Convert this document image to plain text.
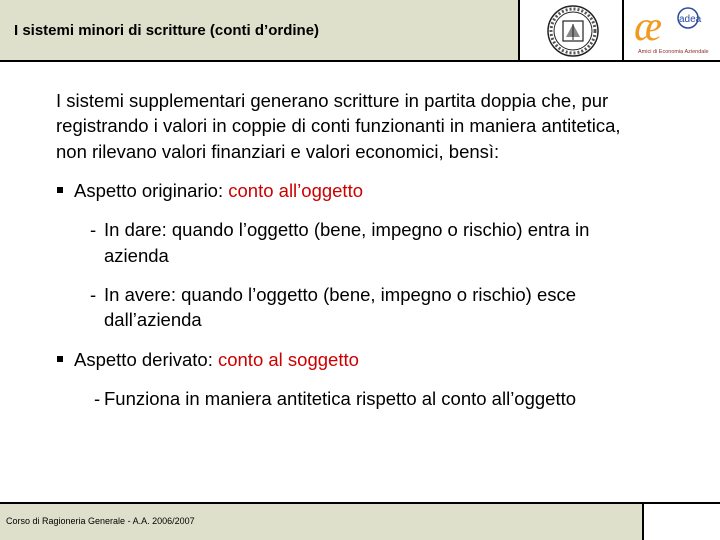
I sistemi minori di scritture (conti d’ordine)	æ adea
Amici di Economia Aziendale

I sistemi supplementari generano scritture in partita doppia che, pur registrando i valori in coppie di conti funzionanti in maniera antitetica, non rilevano valori finanziari e valori economici, bensì:

Aspetto originario: conto all’oggetto
- In dare: quando l’oggetto (bene, impegno o rischio) entra in azienda
- In avere: quando l’oggetto (bene, impegno o rischio) esce dall’azienda
Aspetto derivato: conto al soggetto
- Funziona in maniera antitetica rispetto al conto all’oggetto
Corso di Ragioneria Generale - A.A. 2006/2007
